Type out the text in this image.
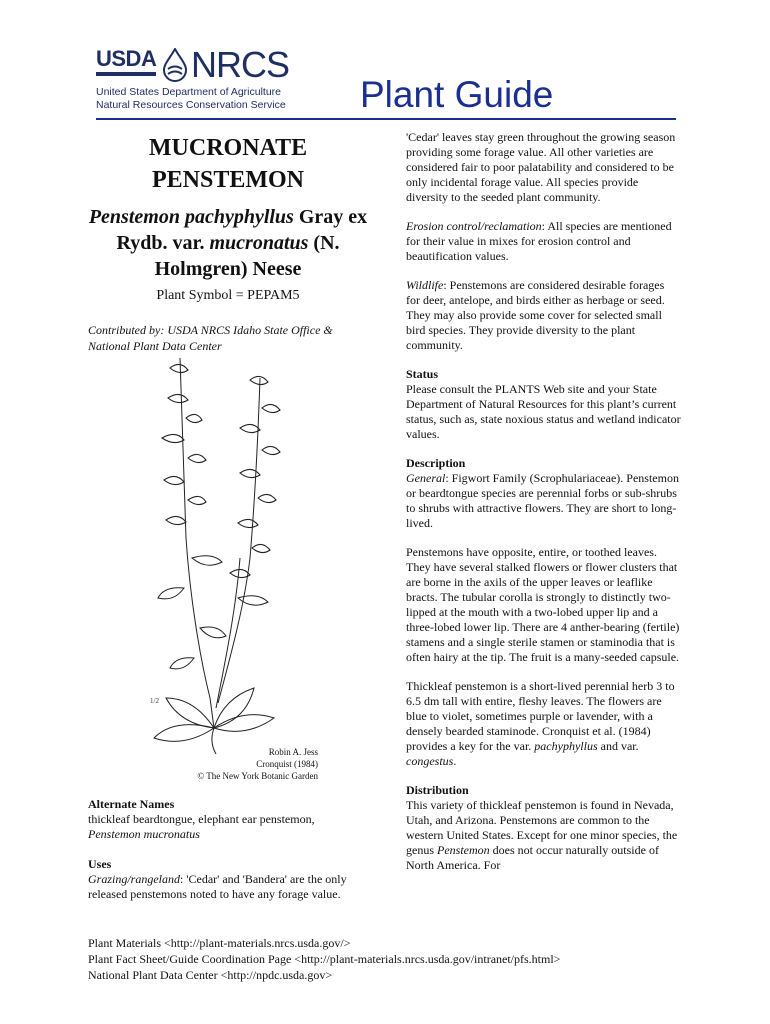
USDA NRCS
United States Department of Agriculture
Natural Resources Conservation Service Plant Guide
MUCRONATE
PENSTEMON
Penstemon pachyphyllus Gray ex Rydb. var. mucronatus (N. Holmgren) Neese
Plant Symbol = PEPAM5
Contributed by: USDA NRCS Idaho State Office & National Plant Data Center
1/2
Robin A. Jess
Cronquist (1984)
© The New York Botanic Garden
Alternate Names
thickleaf beardtongue, elephant ear penstemon,
Penstemon mucronatus
Uses
Grazing/rangeland: 'Cedar' and 'Bandera' are the only released penstemons noted to have any forage value.
'Cedar' leaves stay green throughout the growing season providing some forage value. All other varieties are considered fair to poor palatability and considered to be only incidental forage value. All species provide diversity to the seeded plant community.
Erosion control/reclamation: All species are mentioned for their value in mixes for erosion control and beautification values.
Wildlife: Penstemons are considered desirable forages for deer, antelope, and birds either as herbage or seed. They may also provide some cover for selected small bird species. They provide diversity to the plant community.
Status
Please consult the PLANTS Web site and your State Department of Natural Resources for this plant’s current status, such as, state noxious status and wetland indicator values.
Description
General: Figwort Family (Scrophulariaceae). Penstemon or beardtongue species are perennial forbs or sub-shrubs to shrubs with attractive flowers. They are short to long-lived.
Penstemons have opposite, entire, or toothed leaves. They have several stalked flowers or flower clusters that are borne in the axils of the upper leaves or leaflike bracts. The tubular corolla is strongly to distinctly two-lipped at the mouth with a two-lobed upper lip and a three-lobed lower lip. There are 4 anther-bearing (fertile) stamens and a single sterile stamen or staminodia that is often hairy at the tip. The fruit is a many-seeded capsule.
Thickleaf penstemon is a short-lived perennial herb 3 to 6.5 dm tall with entire, fleshy leaves. The flowers are blue to violet, sometimes purple or lavender, with a densely bearded staminode. Cronquist et al. (1984) provides a key for the var. pachyphyllus and var. congestus.
Distribution
This variety of thickleaf penstemon is found in Nevada, Utah, and Arizona. Penstemons are common to the western United States. Except for one minor species, the genus Penstemon does not occur naturally outside of North America. For
Plant Materials <http://plant-materials.nrcs.usda.gov/>
Plant Fact Sheet/Guide Coordination Page <http://plant-materials.nrcs.usda.gov/intranet/pfs.html>
National Plant Data Center <http://npdc.usda.gov>
